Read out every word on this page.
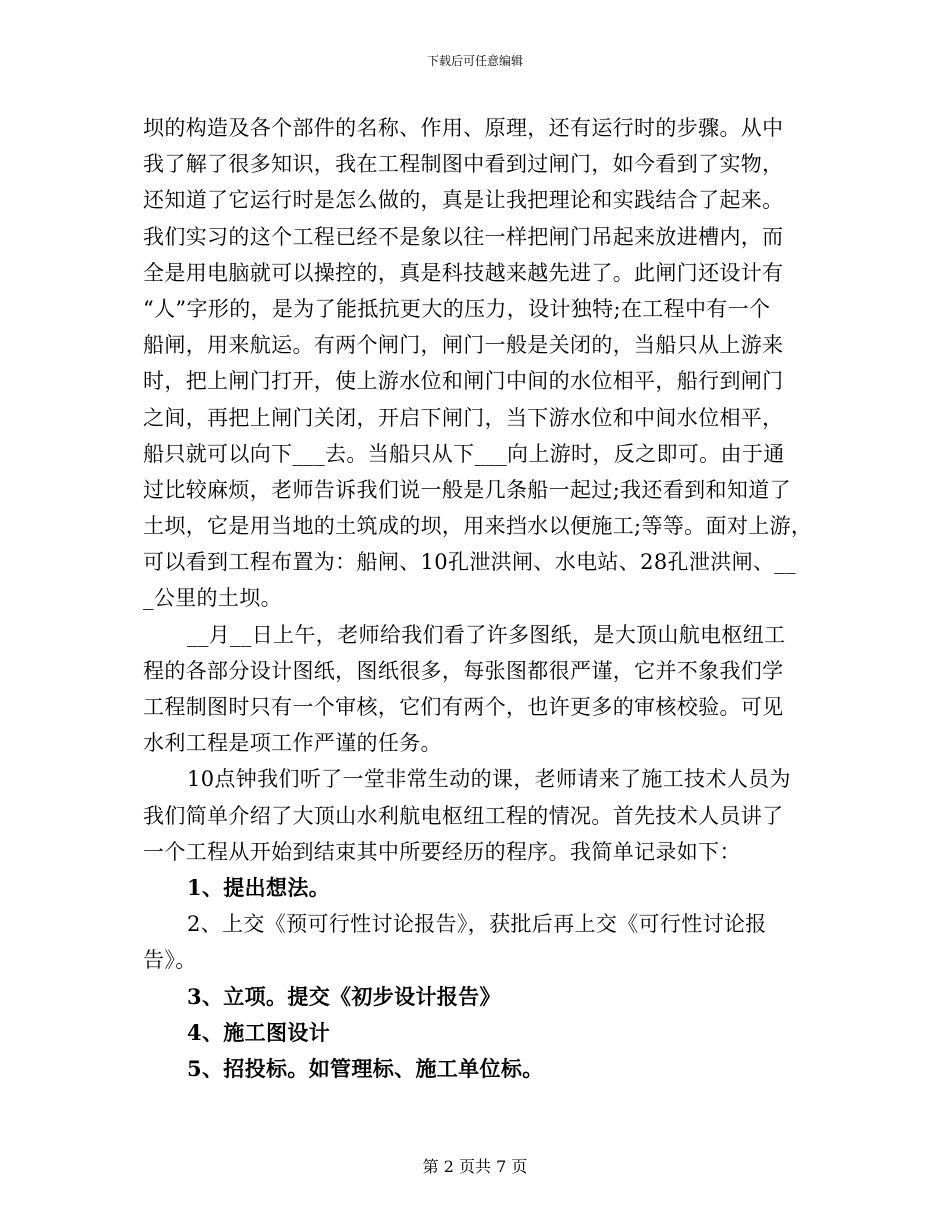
下载后可任意编辑
坝的构造及各个部件的名称、作用、原理，还有运行时的步骤。从中
我了解了很多知识，我在工程制图中看到过闸门，如今看到了实物，
还知道了它运行时是怎么做的，真是让我把理论和实践结合了起来。
我们实习的这个工程已经不是象以往一样把闸门吊起来放进槽内，而
全是用电脑就可以操控的，真是科技越来越先进了。此闸门还设计有
“人”字形的，是为了能抵抗更大的压力，设计独特;在工程中有一个
船闸，用来航运。有两个闸门，闸门一般是关闭的，当船只从上游来
时，把上闸门打开，使上游水位和闸门中间的水位相平，船行到闸门
之间，再把上闸门关闭，开启下闸门，当下游水位和中间水位相平，
船只就可以向下___去。当船只从下___向上游时，反之即可。由于通
过比较麻烦，老师告诉我们说一般是几条船一起过;我还看到和知道了
土坝，它是用当地的土筑成的坝，用来挡水以便施工;等等。面对上游，
可以看到工程布置为：船闸、10孔泄洪闸、水电站、28孔泄洪闸、__
_公里的土坝。
__月__日上午，老师给我们看了许多图纸，是大顶山航电枢纽工
程的各部分设计图纸，图纸很多，每张图都很严谨，它并不象我们学
工程制图时只有一个审核，它们有两个，也许更多的审核校验。可见
水利工程是项工作严谨的任务。
10点钟我们听了一堂非常生动的课，老师请来了施工技术人员为
我们简单介绍了大顶山水利航电枢纽工程的情况。首先技术人员讲了
一个工程从开始到结束其中所要经历的程序。我简单记录如下：
1、提出想法。
2、上交《预可行性讨论报告》，获批后再上交《可行性讨论报
告》。
3、立项。提交《初步设计报告》
4、施工图设计
5、招投标。如管理标、施工单位标。
第 2 页共 7 页
